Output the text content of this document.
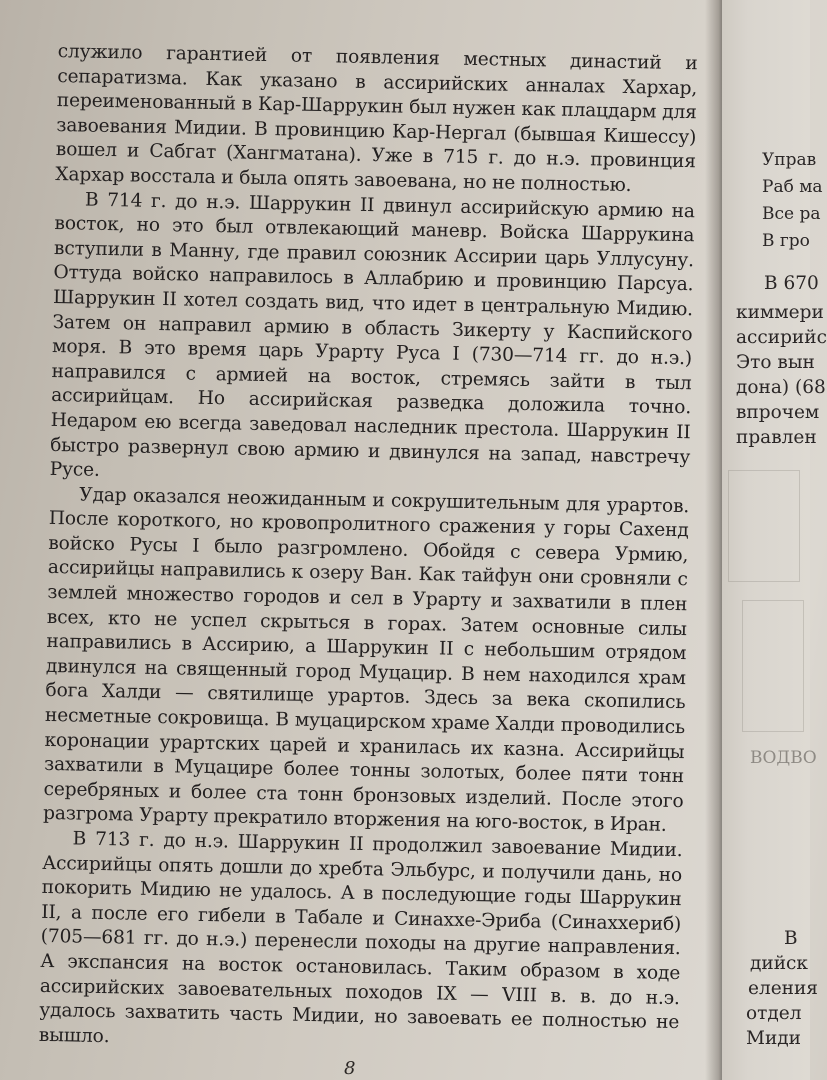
служило гарантией от появления местных династий и сепаратизма. Как указано в ассирийских анналах Хархар, переименованный в Кар-Шаррукин был нужен как плацдарм для завоевания Мидии. В провинцию Кар-Нергал (бывшая Кишессу) вошел и Сабгат (Хангматана). Уже в 715 г. до н.э. провинция Хархар восстала и была опять завоевана, но не полностью.

В 714 г. до н.э. Шаррукин II двинул ассирийскую армию на восток, но это был отвлекающий маневр. Войска Шаррукина вступили в Манну, где правил союзник Ассирии царь Уллусуну. Оттуда войско направилось в Аллабрию и провинцию Парсуа. Шаррукин II хотел создать вид, что идет в центральную Мидию. Затем он направил армию в область Зикерту у Каспийского моря. В это время царь Урарту Руса I (730—714 гг. до н.э.) направился с армией на восток, стремясь зайти в тыл ассирийцам. Но ассирийская разведка доложила точно. Недаром ею всегда заведовал наследник престола. Шаррукин II быстро развернул свою армию и двинулся на запад, навстречу Русе.

Удар оказался неожиданным и сокрушительным для урартов. После короткого, но кровопролитного сражения у горы Сахенд войско Русы I было разгромлено. Обойдя с севера Урмию, ассирийцы направились к озеру Ван. Как тайфун они сровняли с землей множество городов и сел в Урарту и захватили в плен всех, кто не успел скрыться в горах. Затем основные силы направились в Ассирию, а Шаррукин II с небольшим отрядом двинулся на священный город Муцацир. В нем находился храм бога Халди — святилище урартов. Здесь за века скопились несметные сокровища. В муцацирском храме Халди проводились коронации урартских царей и хранилась их казна. Ассирийцы захватили в Муцацире более тонны золотых, более пяти тонн серебряных и более ста тонн бронзовых изделий. После этого разгрома Урарту прекратило вторжения на юго-восток, в Иран.

В 713 г. до н.э. Шаррукин II продолжил завоевание Мидии. Ассирийцы опять дошли до хребта Эльбурс, и получили дань, но покорить Мидию не удалось. А в последующие годы Шаррукин II, а после его гибели в Табале и Синаххе-Эриба (Синаххериб) (705—681 гг. до н.э.) перенесли походы на другие направления. А экспансия на восток остановилась. Таким образом в ходе ассирийских завоевательных походов IX — VIII в. в. до н.э. удалось захватить часть Мидии, но завоевать ее полностью не вышло.

8
Управ
Раб ма
Все ра
В гро
В 670
киммери
ассирийс
Это вын
дона) (68
впрочем
правлен
ВОДВО
В
дийск
еления
отдел
Миди
